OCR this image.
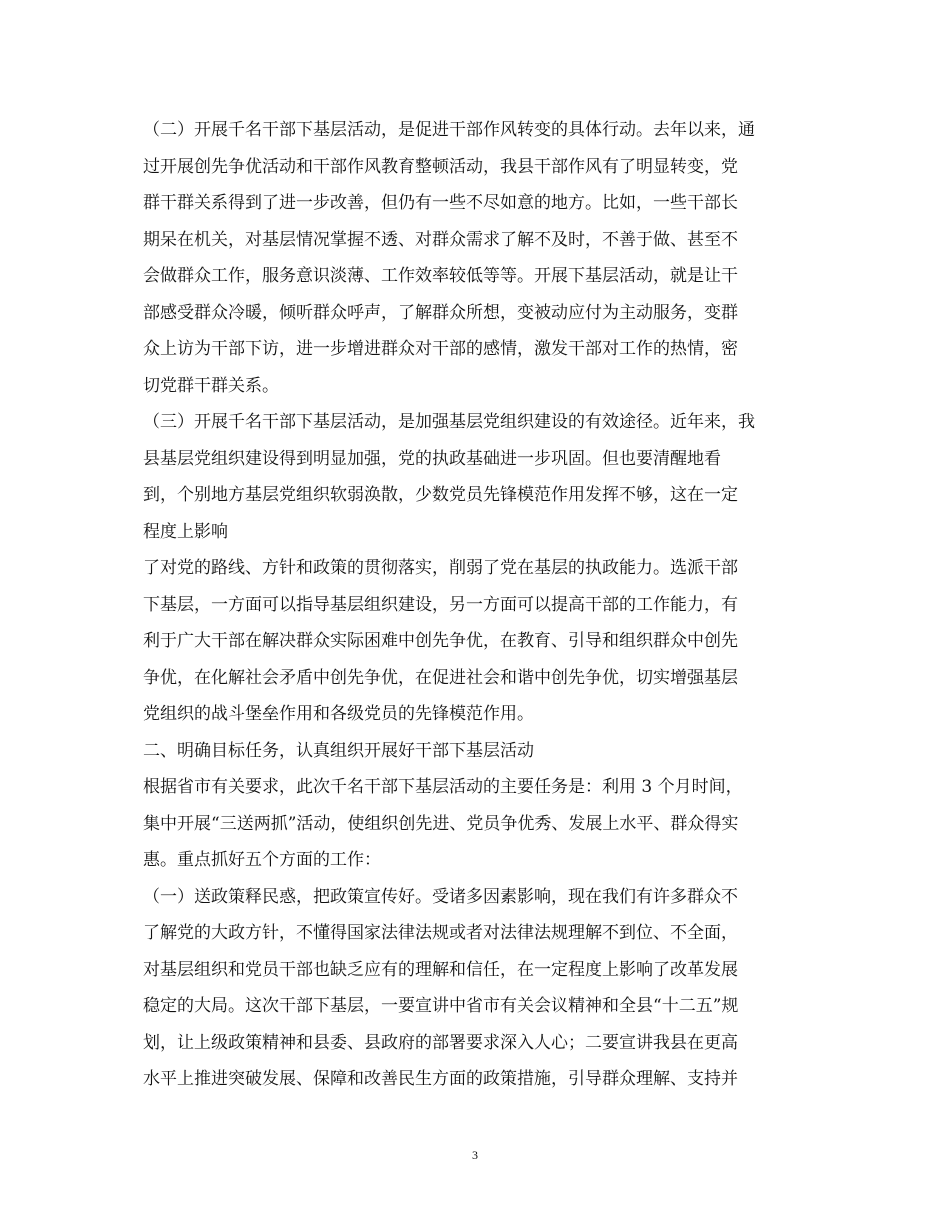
（二）开展千名干部下基层活动，是促进干部作风转变的具体行动。去年以来，通
过开展创先争优活动和干部作风教育整顿活动，我县干部作风有了明显转变，党
群干群关系得到了进一步改善，但仍有一些不尽如意的地方。比如，一些干部长
期呆在机关，对基层情况掌握不透、对群众需求了解不及时，不善于做、甚至不
会做群众工作，服务意识淡薄、工作效率较低等等。开展下基层活动，就是让干
部感受群众冷暖，倾听群众呼声，了解群众所想，变被动应付为主动服务，变群
众上访为干部下访，进一步增进群众对干部的感情，激发干部对工作的热情，密
切党群干群关系。
（三）开展千名干部下基层活动，是加强基层党组织建设的有效途径。近年来，我
县基层党组织建设得到明显加强，党的执政基础进一步巩固。但也要清醒地看
到，个别地方基层党组织软弱涣散，少数党员先锋模范作用发挥不够，这在一定
程度上影响
了对党的路线、方针和政策的贯彻落实，削弱了党在基层的执政能力。选派干部
下基层，一方面可以指导基层组织建设，另一方面可以提高干部的工作能力，有
利于广大干部在解决群众实际困难中创先争优，在教育、引导和组织群众中创先
争优，在化解社会矛盾中创先争优，在促进社会和谐中创先争优，切实增强基层
党组织的战斗堡垒作用和各级党员的先锋模范作用。
二、明确目标任务，认真组织开展好干部下基层活动
根据省市有关要求，此次千名干部下基层活动的主要任务是：利用 3 个月时间，
集中开展“三送两抓”活动，使组织创先进、党员争优秀、发展上水平、群众得实
惠。重点抓好五个方面的工作：
（一）送政策释民惑，把政策宣传好。受诸多因素影响，现在我们有许多群众不
了解党的大政方针，不懂得国家法律法规或者对法律法规理解不到位、不全面，
对基层组织和党员干部也缺乏应有的理解和信任，在一定程度上影响了改革发展
稳定的大局。这次干部下基层，一要宣讲中省市有关会议精神和全县“十二五”规
划，让上级政策精神和县委、县政府的部署要求深入人心；二要宣讲我县在更高
水平上推进突破发展、保障和改善民生方面的政策措施，引导群众理解、支持并
3
